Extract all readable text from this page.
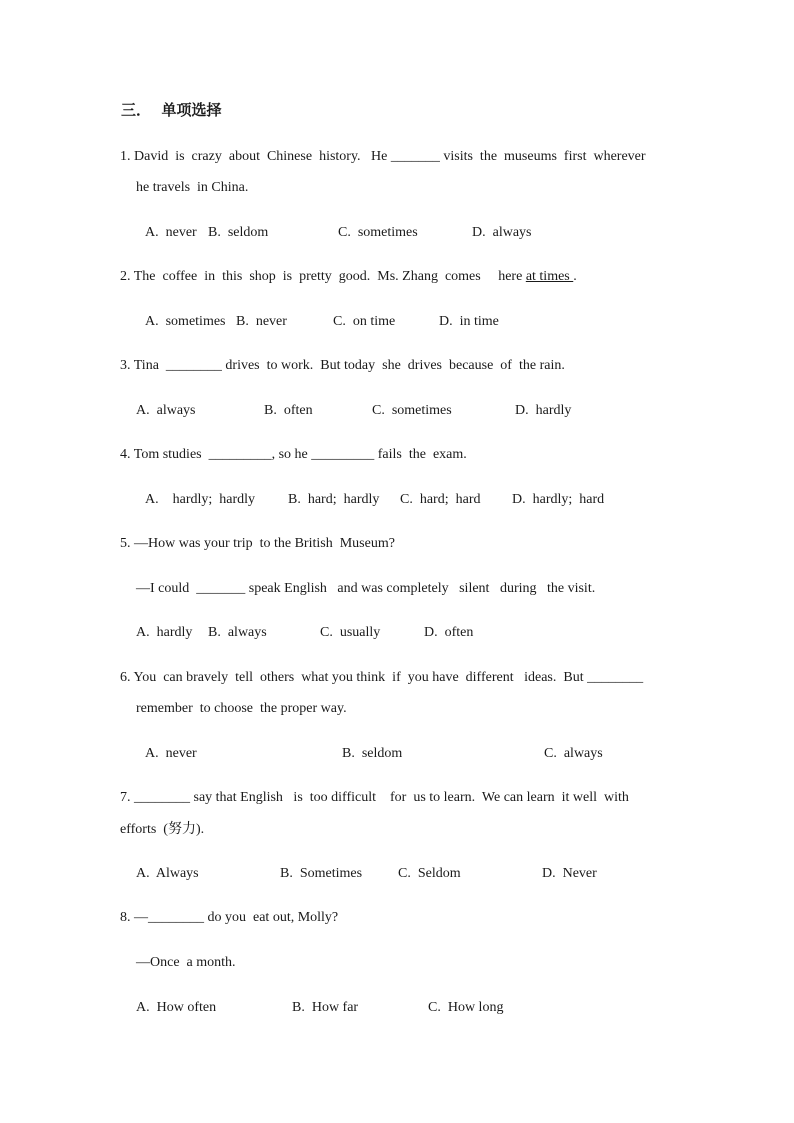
三．  单项选择
1. David  is  crazy  about  Chinese  history.   He _______ visits  the  museums  first  wherever
he travels  in China.

A.  never

B.  seldom

	C.  sometimes

	D.  always

2. The  coffee  in  this  shop  is  pretty  good.  Ms. Zhang  comes     here at times .

A.  sometimes

B.  never

	C.  on time

	D.  in time

3. Tina  ________ drives  to work.  But today  she  drives  because  of  the rain.

A.  always

	B.  often

	C.  sometimes

	D.  hardly

4. Tom studies  _________, so he _________ fails  the  exam.

A.    hardly;  hardly

B.  hard;  hardly

C.  hard;  hard

D.  hardly;  hard

5. —How was your trip  to the British  Museum?
—I could  _______ speak English   and was completely   silent   during   the visit.

A.  hardly

B.  always

	C.  usually

	D.  often

6. You  can bravely  tell  others  what you think  if  you have  different   ideas.  But ________
remember  to choose  the proper way.

A.  never

	B.  seldom

	C.  always

7. ________ say that English   is  too difficult    for  us to learn.  We can learn  it well  with
efforts  (努力).

A.  Always

	B.  Sometimes

	C.  Seldom

	D.  Never

8. —________ do you  eat out, Molly?
—Once  a month.

A.  How often

	B.  How far

	C.  How long
